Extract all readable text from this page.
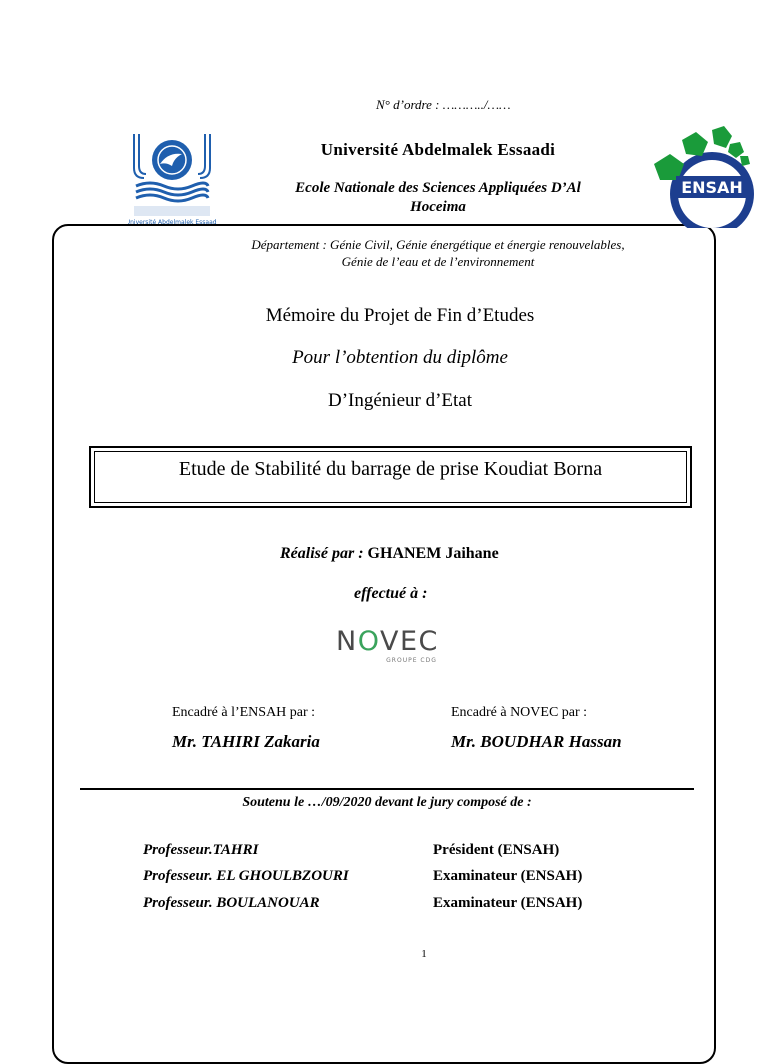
N° d’ordre : ………../……
Université Abdelmalek Essaadi
ENSAH
Université Abdelmalek Essaadi
Ecole Nationale des Sciences Appliquées D’Al
Hoceima
Département : Génie Civil, Génie énergétique et énergie renouvelables,
Génie de l’eau et de l’environnement
Mémoire du Projet de Fin d’Etudes
Pour l’obtention du diplôme
D’Ingénieur d’Etat
Etude de Stabilité du barrage de prise Koudiat Borna
Réalisé par : GHANEM Jaihane
effectué à :
NOVEC
GROUPE CDG
Encadré à l’ENSAH par :
Mr. TAHIRI Zakaria
Encadré à NOVEC par :
Mr. BOUDHAR Hassan
Soutenu le …/09/2020 devant le jury composé de :
Professeur.TAHRI	Président (ENSAH)
Professeur. EL GHOULBZOURI	Examinateur (ENSAH)
Professeur. BOULANOUAR	Examinateur (ENSAH)
1
